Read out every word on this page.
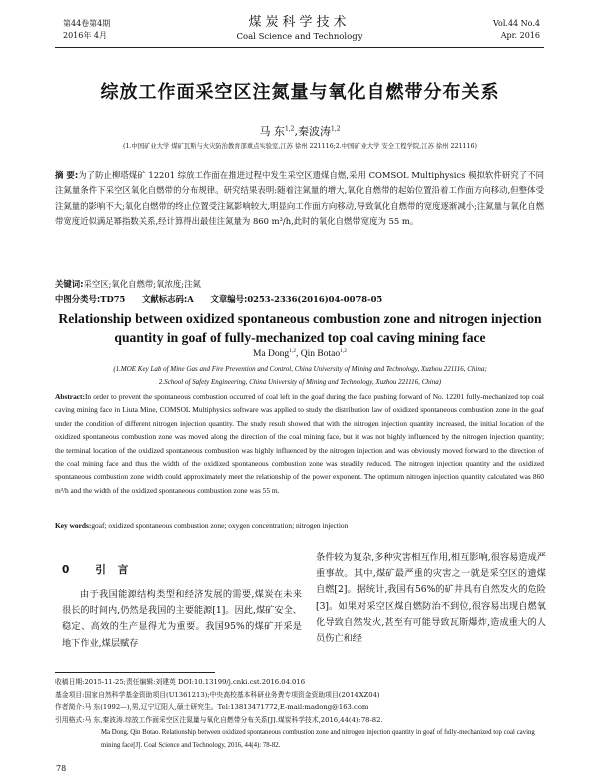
第44卷第4期
2016年 4月
煤炭科学技术
Coal Science and Technology
Vol.44 No.4
Apr. 2016
综放工作面采空区注氮量与氧化自燃带分布关系
马 东$^{1,2}$,秦波涛$^{1,2}$
(1.中国矿业大学 煤矿瓦斯与火灾防治教育部重点实验室,江苏 徐州 221116;2.中国矿业大学 安全工程学院,江苏 徐州 221116)
摘 要:为了防止柳塔煤矿 12201 综放工作面在推进过程中发生采空区遗煤自燃,采用 COMSOL Multiphysics 模拟软件研究了不同注氮量条件下采空区氧化自燃带的分布规律。研究结果表明:随着注氮量的增大,氧化自燃带的起始位置沿着工作面方向移动,但整体受注氮量的影响不大;氧化自燃带的终止位置受注氮影响较大,明显向工作面方向移动,导致氧化自燃带的宽度逐渐减小;注氮量与氧化自燃带宽度近似满足幂指数关系,经计算得出最佳注氮量为 860 m³/h,此时的氧化自燃带宽度为 55 m。
关键词:采空区;氧化自燃带;氧浓度;注氮
中图分类号:TD75 文献标志码:A 文章编号:0253-2336(2016)04-0078-05
Relationship between oxidized spontaneous combustion zone and nitrogen injection quantity in goaf of fully-mechanized top coal caving mining face
Ma Dong$^{1,2}$, Qin Botao$^{1,2}$
(1.MOE Key Lab of Mine Gas and Fire Prevention and Control, China University of Mining and Technology, Xuzhou 221116, China;
2.School of Safety Engineering, China University of Mining and Technology, Xuzhou 221116, China)
Abstract:In order to prevent the spontaneous combustion occurred of coal left in the goaf during the face pushing forward of No. 12201 fully-mechanized top coal caving mining face in Liuta Mine, COMSOL Multiphysics software was applied to study the distribution law of oxidized spontaneous combustion zone in the goaf under the condition of different nitrogen injection quantity. The study result showed that with the nitrogen injection quantity increased, the initial location of the oxidized spontaneous combustion zone was moved along the direction of the coal mining face, but it was not highly influenced by the nitrogen injection quantity; the terminal location of the oxidized spontaneous combustion was highly influenced by the nitrogen injection and was obviously moved forward to the direction of the coal mining face and thus the width of the oxidized spontaneous combustion zone was steadily reduced. The nitrogen injection quantity and the oxidized spontaneous combustion zone width could approximately meet the relationship of the power exponent. The optimum nitrogen injection quantity calculated was 860 m³/h and the width of the oxidized spontaneous combustion zone was 55 m.
Key words:goaf; oxidized spontaneous combustion zone; oxygen concentration; nitrogen injection
0 引言
由于我国能源结构类型和经济发展的需要,煤炭在未来很长的时间内,仍然是我国的主要能源[1]。因此,煤矿安全、稳定、高效的生产显得尤为重要。我国95%的煤矿开采是地下作业,煤层赋存
条件较为复杂,多种灾害相互作用,相互影响,很容易造成严重事故。其中,煤矿最严重的灾害之一就是采空区的遗煤自燃[2]。据统计,我国有56%的矿井具有自然发火的危险[3]。如果对采空区煤自燃防治不到位,很容易出现自燃氧化导致自然发火,甚至有可能导致瓦斯爆炸,造成重大的人员伤亡和经
收稿日期:2015-11-25;责任编辑:刘建英 DOI:10.13199/j.cnki.cst.2016.04.016
基金项目:国家自然科学基金资助项目(U1361213);中央高校基本科研业务费专项资金资助项目(2014XZ04)
作者简介:马 东(1992—),男,辽宁辽阳人,硕士研究生。Tel:13813471772,E-mail:madong@163.com
引用格式:马 东,秦波涛.综放工作面采空区注氮量与氧化自燃带分布关系[J].煤炭科学技术,2016,44(4):78-82.
Ma Dong, Qin Botao. Relationship between oxidized spontaneous combustion zone and nitrogen injection quantity in goaf of fully-mechanized top coal caving mining face[J]. Coal Science and Technology, 2016, 44(4): 78-82.
78
